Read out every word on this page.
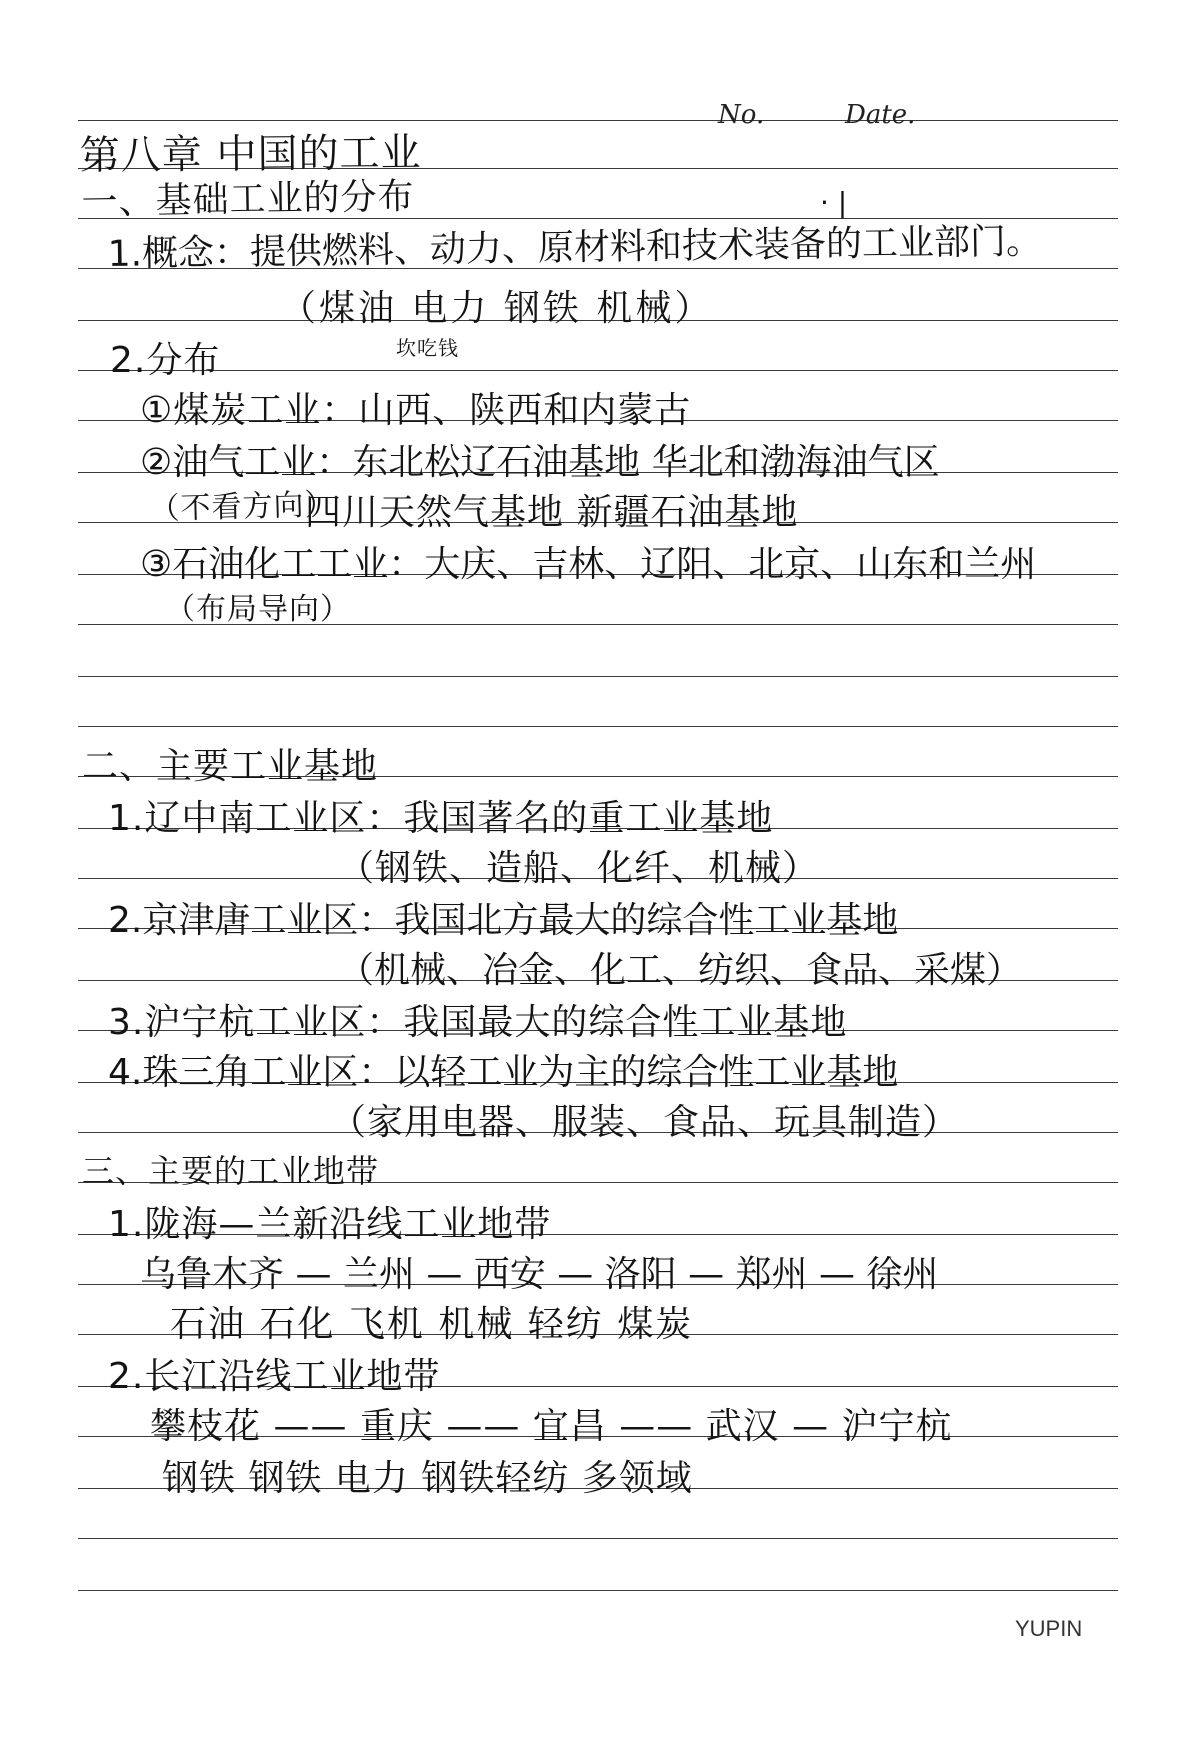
No.	Date.
第八章 中国的工业
一、基础工业的分布	· |
1.概念：提供燃料、动力、原材料和技术装备的工业部门。
（煤油 电力 钢铁 机械）
坎吃钱
2.分布
①煤炭工业：山西、陕西和内蒙古
②油气工业：东北松辽石油基地 华北和渤海油气区
（不看方向）
四川天然气基地 新疆石油基地
③石油化工工业：大庆、吉林、辽阳、北京、山东和兰州
（布局导向）
二、主要工业基地
1.辽中南工业区：我国著名的重工业基地
（钢铁、造船、化纤、机械）
2.京津唐工业区：我国北方最大的综合性工业基地
（机械、冶金、化工、纺织、食品、采煤）
3.沪宁杭工业区：我国最大的综合性工业基地
4.珠三角工业区：以轻工业为主的综合性工业基地
（家用电器、服装、食品、玩具制造）
三、主要的工业地带
1.陇海—兰新沿线工业地带
乌鲁木齐 — 兰州 — 西安 — 洛阳 — 郑州 — 徐州
石油 石化 飞机 机械 轻纺 煤炭
2.长江沿线工业地带
攀枝花 —— 重庆 —— 宜昌 —— 武汉 — 沪宁杭
钢铁 钢铁 电力 钢铁轻纺 多领域
YUPIN
